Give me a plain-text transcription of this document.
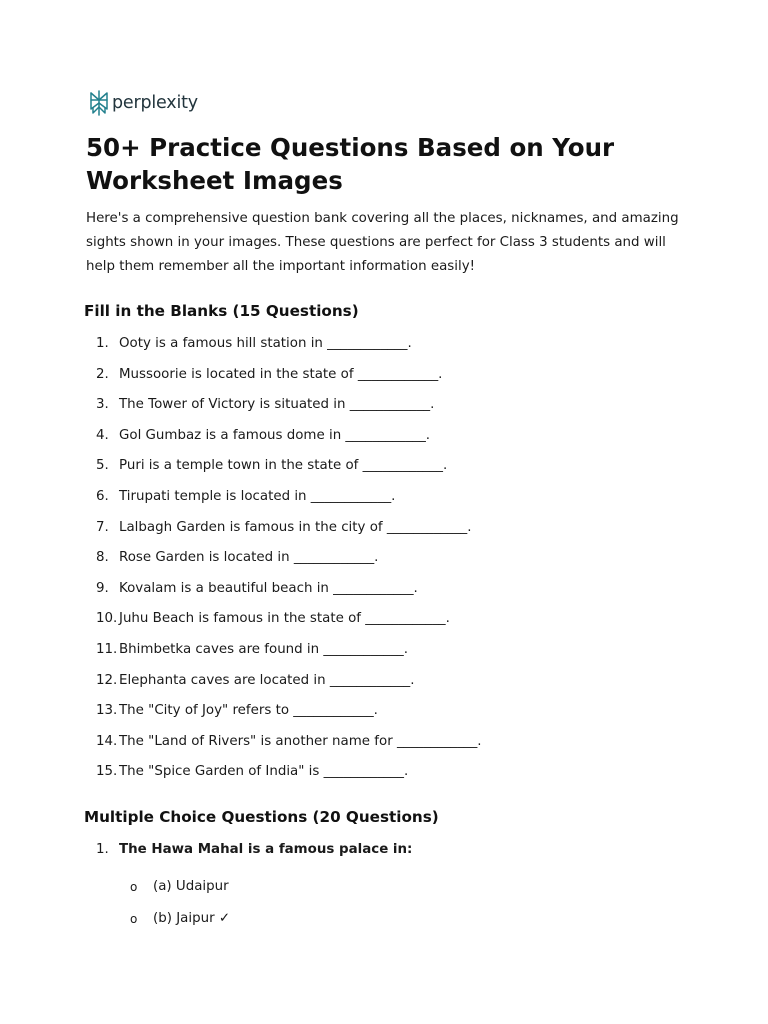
perplexity
50+ Practice Questions Based on Your Worksheet Images

Here's a comprehensive question bank covering all the places, nicknames, and amazing sights shown in your images. These questions are perfect for Class 3 students and will help them remember all the important information easily!

Fill in the Blanks (15 Questions)
1. Ooty is a famous hill station in ____________.
2. Mussoorie is located in the state of ____________.
3. The Tower of Victory is situated in ____________.
4. Gol Gumbaz is a famous dome in ____________.
5. Puri is a temple town in the state of ____________.
6. Tirupati temple is located in ____________.
7. Lalbagh Garden is famous in the city of ____________.
8. Rose Garden is located in ____________.
9. Kovalam is a beautiful beach in ____________.
10. Juhu Beach is famous in the state of ____________.
11. Bhimbetka caves are found in ____________.
12. Elephanta caves are located in ____________.
13. The "City of Joy" refers to ____________.
14. The "Land of Rivers" is another name for ____________.
15. The "Spice Garden of India" is ____________.
Multiple Choice Questions (20 Questions)
1. The Hawa Mahal is a famous palace in:
o (a) Udaipur
o (b) Jaipur ✓
